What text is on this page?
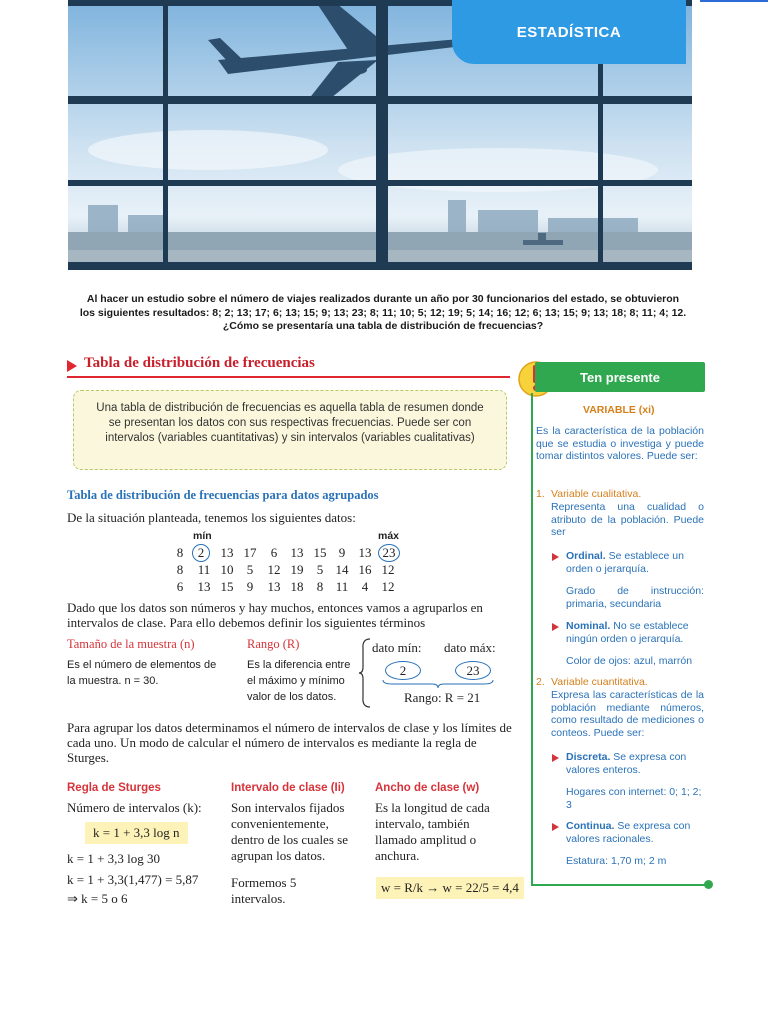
ESTADÍSTICA
Al hacer un estudio sobre el número de viajes realizados durante un año por 30 funcionarios del estado, se obtuvieron los siguientes resultados: 8; 2; 13; 17; 6; 13; 15; 9; 13; 23; 8; 11; 10; 5; 12; 19; 5; 14; 16; 12; 6; 13; 15; 9; 13; 18; 8; 11; 4; 12. ¿Cómo se presentaría una tabla de distribución de frecuencias?
Tabla de distribución de frecuencias
Una tabla de distribución de frecuencias es aquella tabla de resumen donde se presentan los datos con sus respectivas frecuencias. Puede ser con intervalos (variables cuantitativas) y sin intervalos (variables cualitativas)
Tabla de distribución de frecuencias para datos agrupados
De la situación planteada, tenemos los siguientes datos:
mín	máx
8	2	13 17	6	13 15 9	13 23
8	11 10	5	12 19	5 14 16 12
6	13 15	9	13 18	8 11	4	12
Dado que los datos son números y hay muchos, entonces vamos a agruparlos en intervalos de clase. Para ello debemos definir los siguientes términos
Tamaño de la muestra (n)
Es el número de elementos de la muestra. n = 30.
Rango (R)
Es la diferencia entre el máximo y mínimo valor de los datos.
dato mín: dato máx:
2	23
Rango: R = 21
Para agrupar los datos determinamos el número de intervalos de clase y los límites de cada uno. Un modo de calcular el número de intervalos es mediante la regla de Sturges.
Regla de Sturges
Número de intervalos (k):
k = 1 + 3,3 log n
k = 1 + 3,3 log 30
k = 1 + 3,3(1,477) = 5,87
⇒ k = 5 o 6
Intervalo de clase (Ii)
Son intervalos fijados convenientemente, dentro de los cuales se agrupan los datos.
Formemos 5 intervalos.
Ancho de clase (w)
Es la longitud de cada intervalo, también llamado amplitud o anchura.
w = R/k → w = 22/5 = 4,4
Ten presente
VARIABLE (xi)
Es la característica de la población que se estudia o investiga y puede tomar distintos valores. Puede ser:
1. Variable cualitativa.
Representa una cualidad o atributo de la población. Puede ser
Ordinal. Se establece un orden o jerarquía.
Grado de instrucción: primaria, secundaria
Nominal. No se establece ningún orden o jerarquía.
Color de ojos: azul, marrón
2. Variable cuantitativa.
Expresa las características de la población mediante números, como resultado de mediciones o conteos. Puede ser:
Discreta. Se expresa con valores enteros.
Hogares con internet: 0; 1; 2; 3
Continua. Se expresa con valores racionales.
Estatura: 1,70 m; 2 m
